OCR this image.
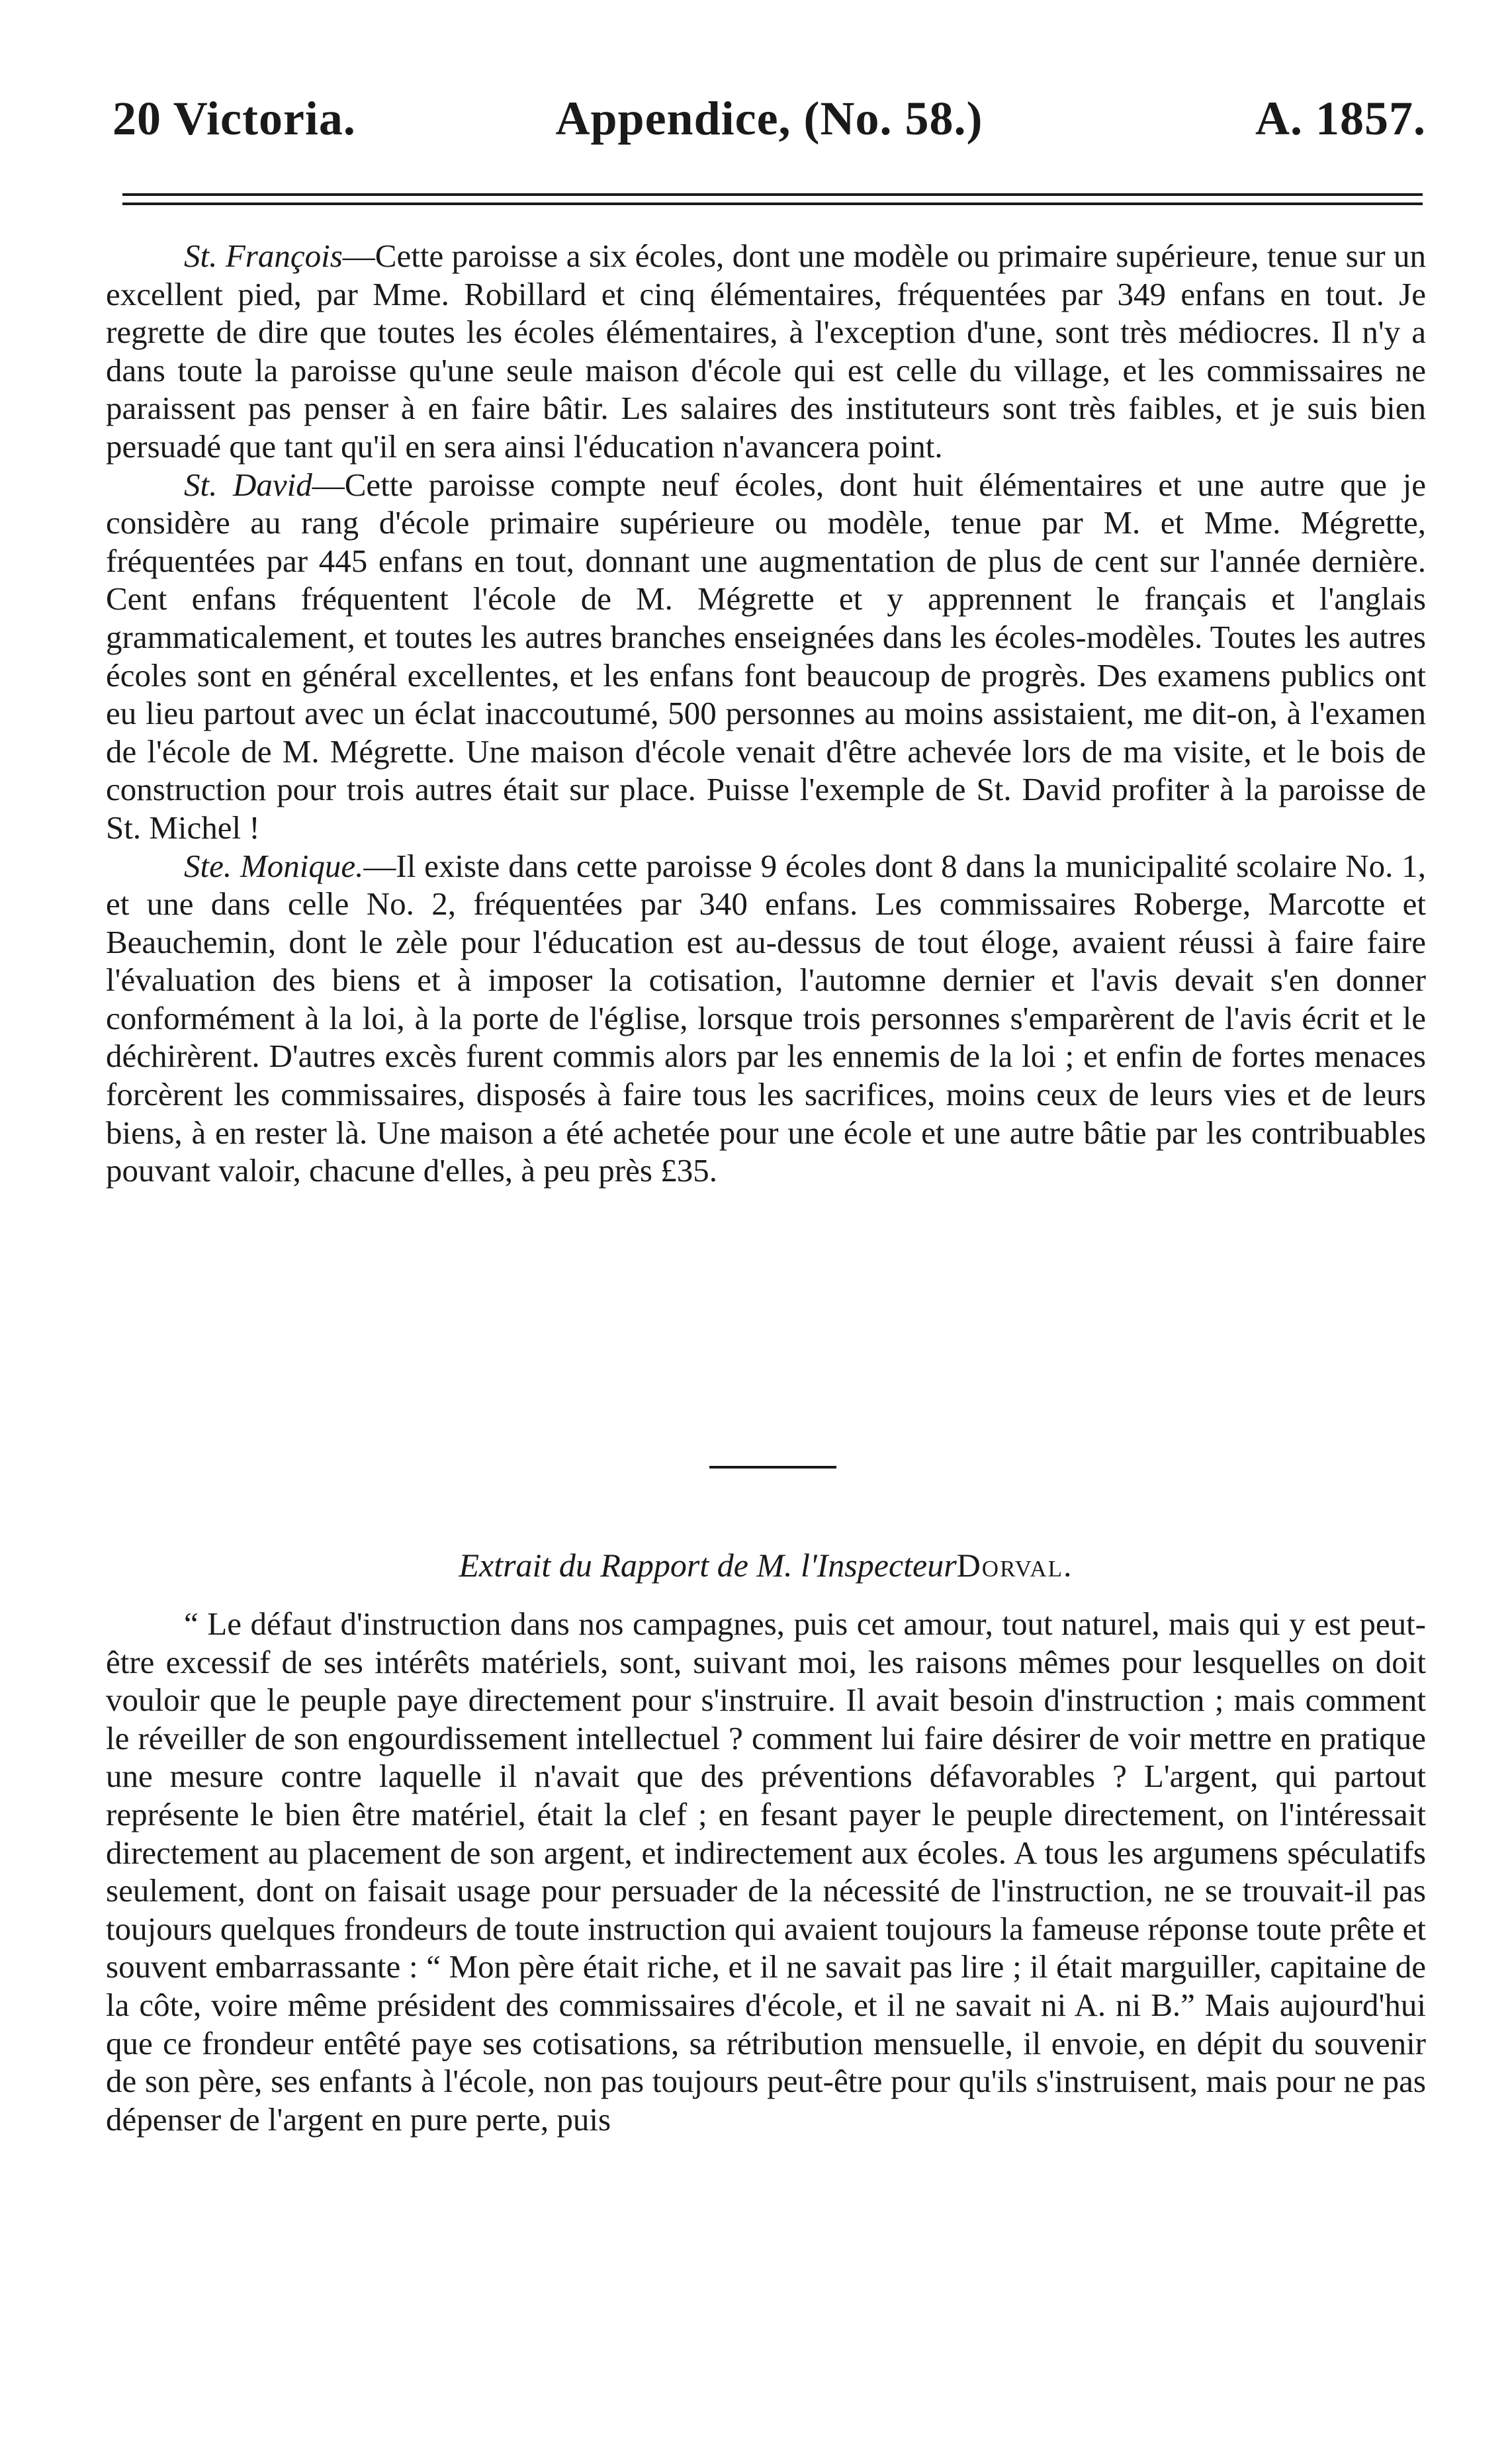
20 Victoria.	Appendice, (No. 58.)	A. 1857.

St. François—Cette paroisse a six écoles, dont une modèle ou primaire supérieure, tenue sur un excellent pied, par Mme. Robillard et cinq élémentaires, fréquentées par 349 enfans en tout. Je regrette de dire que toutes les écoles élémentaires, à l'exception d'une, sont très médiocres. Il n'y a dans toute la paroisse qu'une seule maison d'école qui est celle du village, et les commissaires ne paraissent pas penser à en faire bâtir. Les salaires des instituteurs sont très faibles, et je suis bien persuadé que tant qu'il en sera ainsi l'éducation n'avancera point.

St. David—Cette paroisse compte neuf écoles, dont huit élémentaires et une autre que je considère au rang d'école primaire supérieure ou modèle, tenue par M. et Mme. Mégrette, fréquentées par 445 enfans en tout, donnant une augmentation de plus de cent sur l'année dernière. Cent enfans fréquentent l'école de M. Mégrette et y apprennent le français et l'anglais grammaticalement, et toutes les autres branches enseignées dans les écoles-modèles. Toutes les autres écoles sont en général excellentes, et les enfans font beaucoup de progrès. Des examens publics ont eu lieu partout avec un éclat inaccoutumé, 500 personnes au moins assistaient, me dit-on, à l'examen de l'école de M. Mégrette. Une maison d'école venait d'être achevée lors de ma visite, et le bois de construction pour trois autres était sur place. Puisse l'exemple de St. David profiter à la paroisse de St. Michel !

Ste. Monique.—Il existe dans cette paroisse 9 écoles dont 8 dans la municipalité scolaire No. 1, et une dans celle No. 2, fréquentées par 340 enfans. Les commissaires Roberge, Marcotte et Beauchemin, dont le zèle pour l'éducation est au-dessus de tout éloge, avaient réussi à faire faire l'évaluation des biens et à imposer la cotisation, l'automne dernier et l'avis devait s'en donner conformément à la loi, à la porte de l'église, lorsque trois personnes s'emparèrent de l'avis écrit et le déchirèrent. D'autres excès furent commis alors par les ennemis de la loi ; et enfin de fortes menaces forcèrent les commissaires, disposés à faire tous les sacrifices, moins ceux de leurs vies et de leurs biens, à en rester là. Une maison a été achetée pour une école et une autre bâtie par les contribuables pouvant valoir, chacune d'elles, à peu près £35.

Extrait du Rapport de M. l'InspecteurDorval.

“ Le défaut d'instruction dans nos campagnes, puis cet amour, tout naturel, mais qui y est peut-être excessif de ses intérêts matériels, sont, suivant moi, les raisons mêmes pour lesquelles on doit vouloir que le peuple paye directement pour s'instruire. Il avait besoin d'instruction ; mais comment le réveiller de son engourdissement intellectuel ? comment lui faire désirer de voir mettre en pratique une mesure contre laquelle il n'avait que des préventions défavorables ? L'argent, qui partout représente le bien être matériel, était la clef ; en fesant payer le peuple directement, on l'intéressait directement au placement de son argent, et indirectement aux écoles. A tous les argumens spéculatifs seulement, dont on faisait usage pour persuader de la nécessité de l'instruction, ne se trouvait-il pas toujours quelques frondeurs de toute instruction qui avaient toujours la fameuse réponse toute prête et souvent embarrassante : “ Mon père était riche, et il ne savait pas lire ; il était marguiller, capitaine de la côte, voire même président des commissaires d'école, et il ne savait ni A. ni B.” Mais aujourd'hui que ce frondeur entêté paye ses cotisations, sa rétribution mensuelle, il envoie, en dépit du souvenir de son père, ses enfants à l'école, non pas toujours peut-être pour qu'ils s'instruisent, mais pour ne pas dépenser de l'argent en pure perte, puis
